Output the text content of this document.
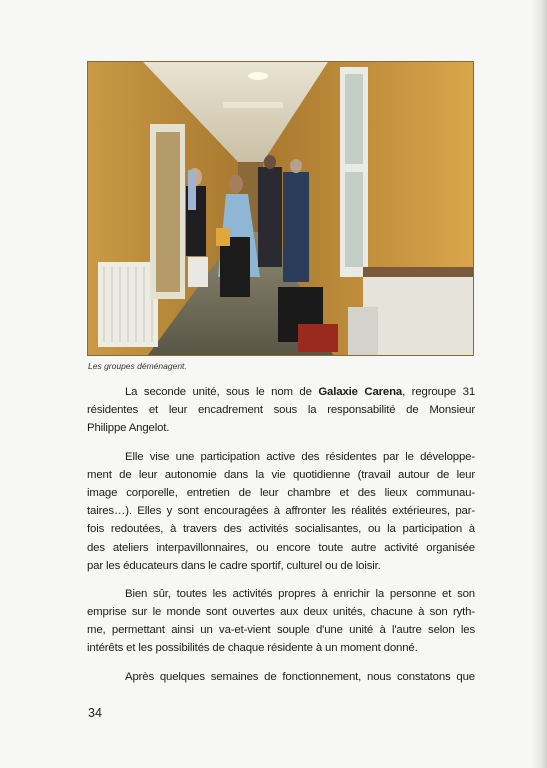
Les groupes déménagent.
La seconde unité, sous le nom de Galaxie Carena, regroupe 31
résidentes et leur encadrement sous la responsabilité de Monsieur
Philippe Angelot.
Elle vise une participation active des résidentes par le développe-
ment de leur autonomie dans la vie quotidienne (travail autour de leur
image corporelle, entretien de leur chambre et des lieux communau-
taires…). Elles y sont encouragées à affronter les réalités extérieures, par-
fois redoutées, à travers des activités socialisantes, ou la participation à
des ateliers interpavillonnaires, ou encore toute autre activité organisée
par les éducateurs dans le cadre sportif, culturel ou de loisir.
Bien sûr, toutes les activités propres à enrichir la personne et son
emprise sur le monde sont ouvertes aux deux unités, chacune à son ryth-
me, permettant ainsi un va-et-vient souple d'une unité à l'autre selon les
intérêts et les possibilités de chaque résidente à un moment donné.
Après quelques semaines de fonctionnement, nous constatons que
34
